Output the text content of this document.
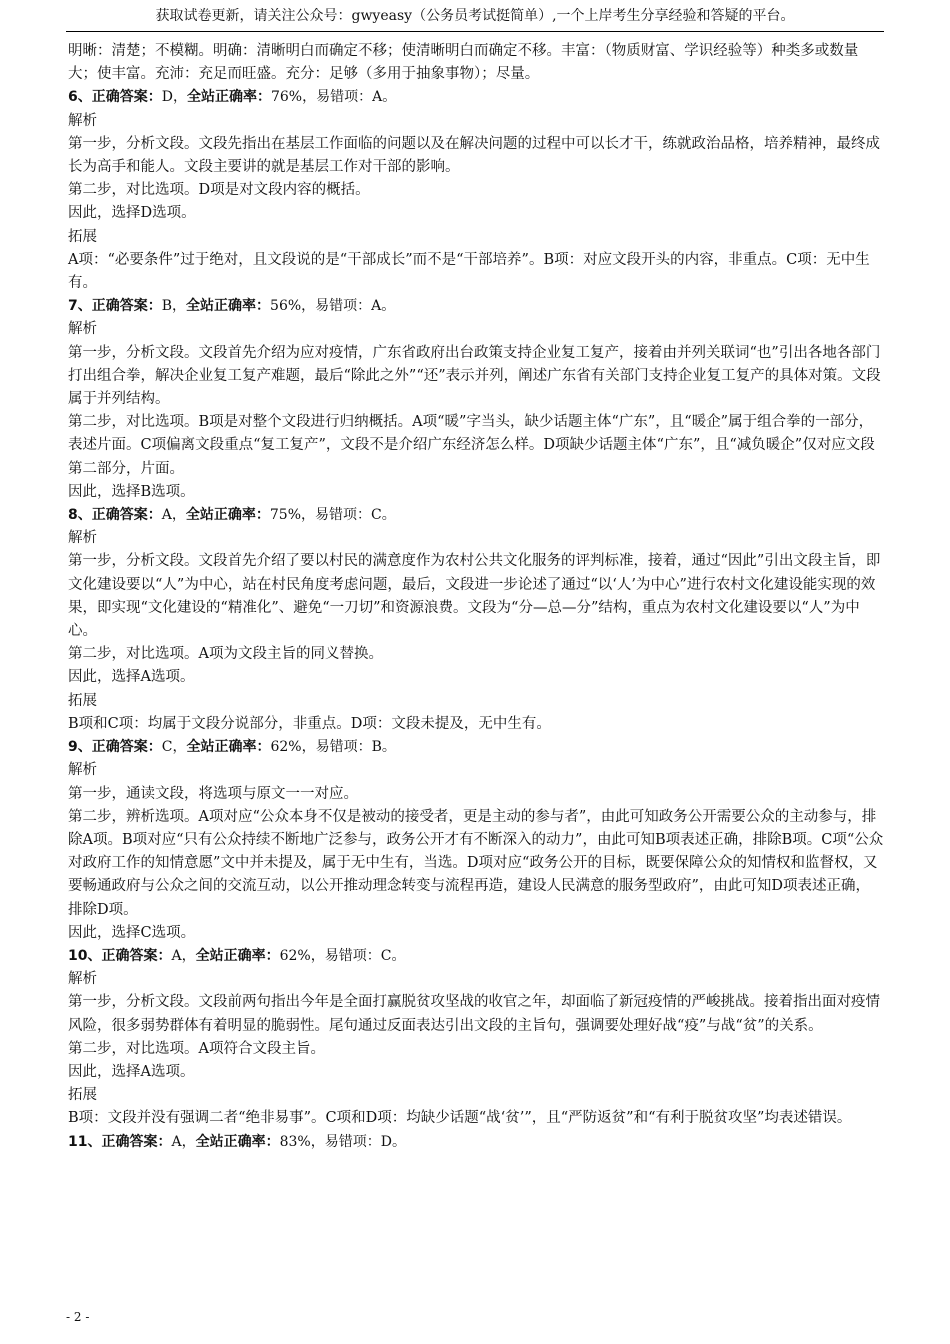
获取试卷更新，请关注公众号：gwyeasy（公务员考试挺简单）,一个上岸考生分享经验和答疑的平台。

明晰：清楚；不模糊。明确：清晰明白而确定不移；使清晰明白而确定不移。丰富：（物质财富、学识经验等）种类多或数量大；使丰富。充沛：充足而旺盛。充分：足够（多用于抽象事物）；尽量。

6、正确答案：D，全站正确率：76%，易错项：A。

解析

第一步，分析文段。文段先指出在基层工作面临的问题以及在解决问题的过程中可以长才干，练就政治品格，培养精神，最终成长为高手和能人。文段主要讲的就是基层工作对干部的影响。

第二步，对比选项。D项是对文段内容的概括。

因此，选择D选项。

拓展

A项：“必要条件”过于绝对，且文段说的是“干部成长”而不是“干部培养”。B项：对应文段开头的内容，非重点。C项：无中生有。

7、正确答案：B，全站正确率：56%，易错项：A。

解析

第一步，分析文段。文段首先介绍为应对疫情，广东省政府出台政策支持企业复工复产，接着由并列关联词“也”引出各地各部门打出组合拳，解决企业复工复产难题，最后“除此之外”“还”表示并列，阐述广东省有关部门支持企业复工复产的具体对策。文段属于并列结构。

第二步，对比选项。B项是对整个文段进行归纳概括。A项“暖”字当头，缺少话题主体“广东”，且“暖企”属于组合拳的一部分，表述片面。C项偏离文段重点“复工复产”，文段不是介绍广东经济怎么样。D项缺少话题主体“广东”，且“减负暖企”仅对应文段第二部分，片面。

因此，选择B选项。

8、正确答案：A，全站正确率：75%，易错项：C。

解析

第一步，分析文段。文段首先介绍了要以村民的满意度作为农村公共文化服务的评判标准，接着，通过“因此”引出文段主旨，即文化建设要以“人”为中心，站在村民角度考虑问题，最后，文段进一步论述了通过“以‘人’为中心”进行农村文化建设能实现的效果，即实现“文化建设的“精准化”、避免“一刀切”和资源浪费。文段为“分—总—分”结构，重点为农村文化建设要以“人”为中心。

第二步，对比选项。A项为文段主旨的同义替换。

因此，选择A选项。

拓展

B项和C项：均属于文段分说部分，非重点。D项：文段未提及，无中生有。

9、正确答案：C，全站正确率：62%，易错项：B。

解析

第一步，通读文段，将选项与原文一一对应。

第二步，辨析选项。A项对应“公众本身不仅是被动的接受者，更是主动的参与者”，由此可知政务公开需要公众的主动参与，排除A项。B项对应“只有公众持续不断地广泛参与，政务公开才有不断深入的动力”，由此可知B项表述正确，排除B项。C项“公众对政府工作的知情意愿”文中并未提及，属于无中生有，当选。D项对应“政务公开的目标，既要保障公众的知情权和监督权，又要畅通政府与公众之间的交流互动，以公开推动理念转变与流程再造，建设人民满意的服务型政府”，由此可知D项表述正确，排除D项。

因此，选择C选项。

10、正确答案：A，全站正确率：62%，易错项：C。

解析

第一步，分析文段。文段前两句指出今年是全面打赢脱贫攻坚战的收官之年，却面临了新冠疫情的严峻挑战。接着指出面对疫情风险，很多弱势群体有着明显的脆弱性。尾句通过反面表达引出文段的主旨句，强调要处理好战“疫”与战“贫”的关系。

第二步，对比选项。A项符合文段主旨。

因此，选择A选项。

拓展

B项：文段并没有强调二者“绝非易事”。C项和D项：均缺少话题“战‘贫’”，且“严防返贫”和“有利于脱贫攻坚”均表述错误。

11、正确答案：A，全站正确率：83%，易错项：D。

- 2 -
